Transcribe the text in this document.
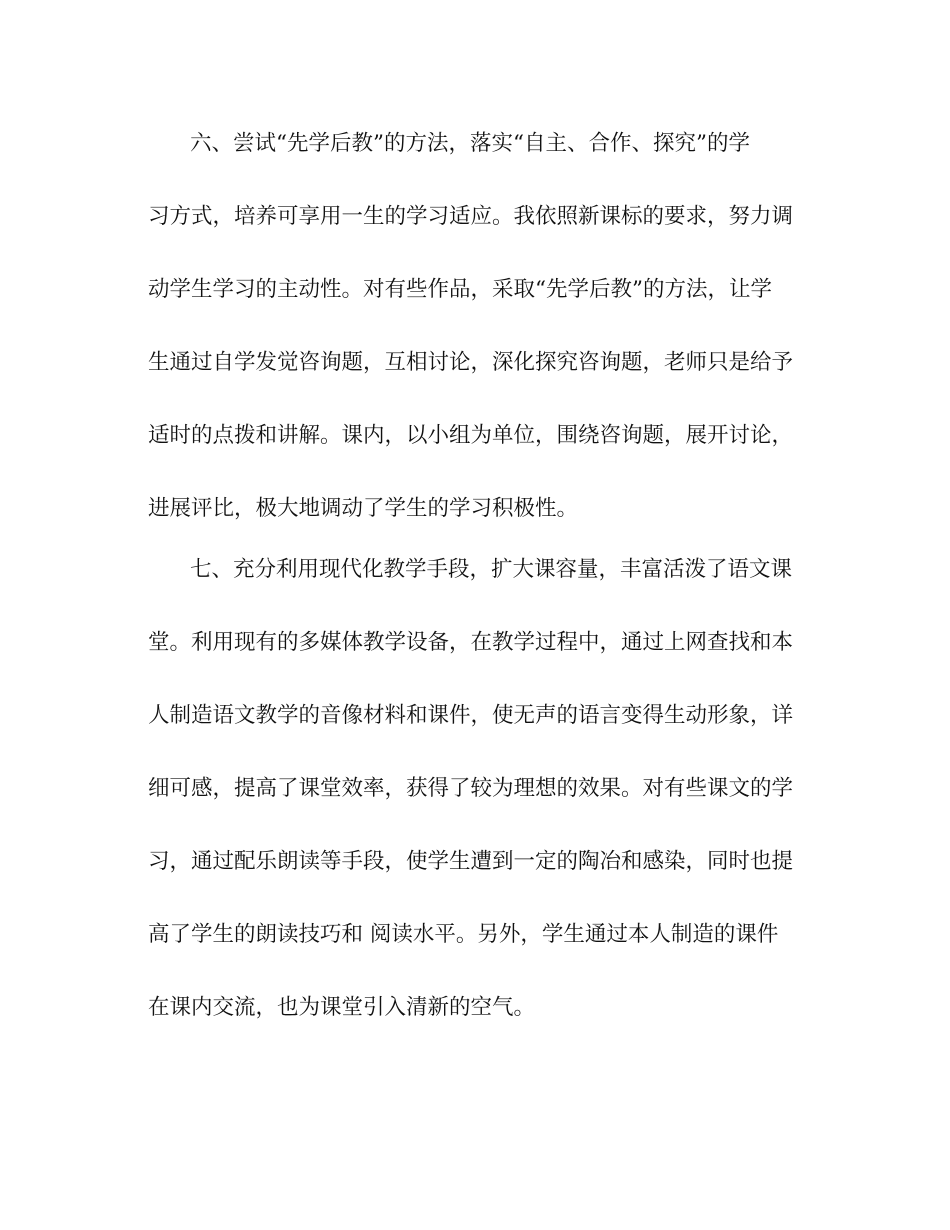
六、尝试“先学后教”的方法，落实“自主、合作、探究”的学
习方式，培养可享用一生的学习适应。我依照新课标的要求，努力调
动学生学习的主动性。对有些作品，采取“先学后教”的方法，让学
生通过自学发觉咨询题，互相讨论，深化探究咨询题，老师只是给予
适时的点拨和讲解。课内，以小组为单位，围绕咨询题，展开讨论，
进展评比，极大地调动了学生的学习积极性。
七、充分利用现代化教学手段，扩大课容量，丰富活泼了语文课
堂。利用现有的多媒体教学设备，在教学过程中，通过上网查找和本
人制造语文教学的音像材料和课件，使无声的语言变得生动形象，详
细可感，提高了课堂效率，获得了较为理想的效果。对有些课文的学
习，通过配乐朗读等手段，使学生遭到一定的陶冶和感染，同时也提
高了学生的朗读技巧和 阅读水平。另外，学生通过本人制造的课件
在课内交流，也为课堂引入清新的空气。
